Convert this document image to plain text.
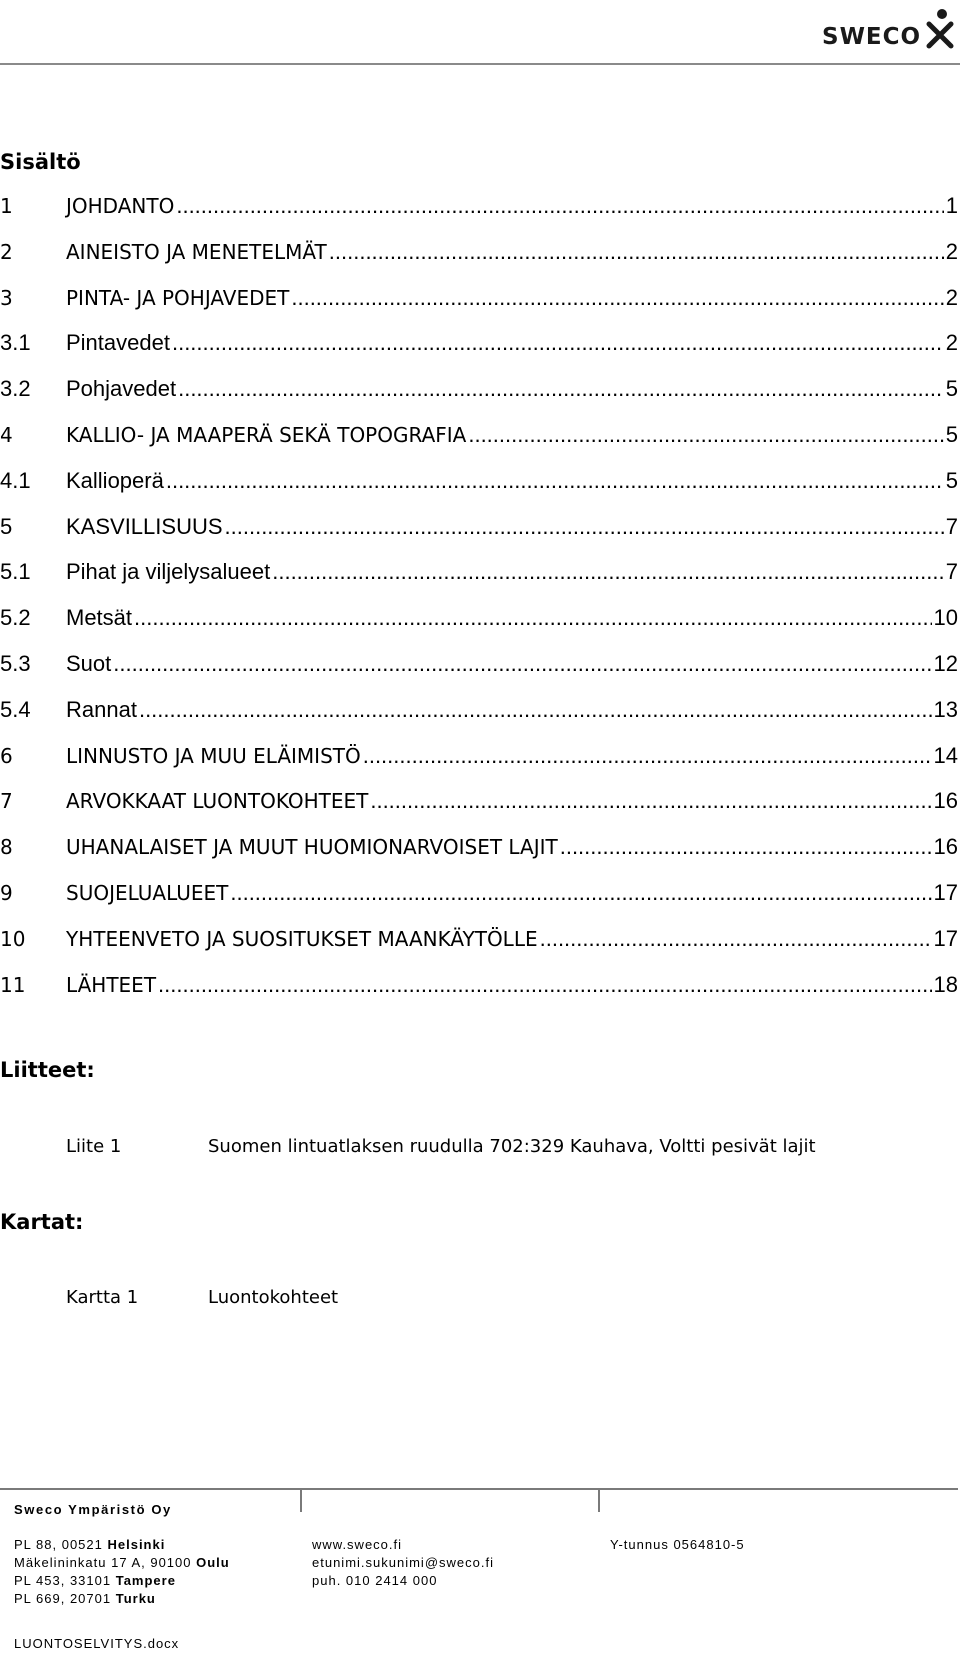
SWECO
Sisältö
1	JOHDANTO .....	1
2	AINEISTO JA MENETELMÄT .....	2
3	PINTA- JA POHJAVEDET .....	2
3.1	Pintavedet .....	2
3.2	Pohjavedet .....	5
4	KALLIO- JA MAAPERÄ SEKÄ TOPOGRAFIA .....	5
4.1	Kallioperä .....	5
5	KASVILLISUUS .....	7
5.1	Pihat ja viljelysalueet .....	7
5.2	Metsät .....	10
5.3	Suot .....	12
5.4	Rannat .....	13
6	LINNUSTO JA MUU ELÄIMISTÖ .....	14
7	ARVOKKAAT LUONTOKOHTEET .....	16
8	UHANALAISET JA MUUT HUOMIONARVOISET LAJIT .....	16
9	SUOJELUALUEET .....	17
10	YHTEENVETO JA SUOSITUKSET MAANKÄYTÖLLE .....	17
11	LÄHTEET .....	18
Liitteet:
Liite 1	Suomen lintuatlaksen ruudulla 702:329 Kauhava, Voltti pesivät lajit
Kartat:
Kartta 1	Luontokohteet
Sweco Ympäristö Oy
PL 88, 00521 Helsinki
Mäkelininkatu 17 A, 90100 Oulu
PL 453, 33101 Tampere
PL 669, 20701 Turku
www.sweco.fi
etunimi.sukunimi@sweco.fi
puh. 010 2414 000
Y-tunnus 0564810-5
LUONTOSELVITYS.docx
